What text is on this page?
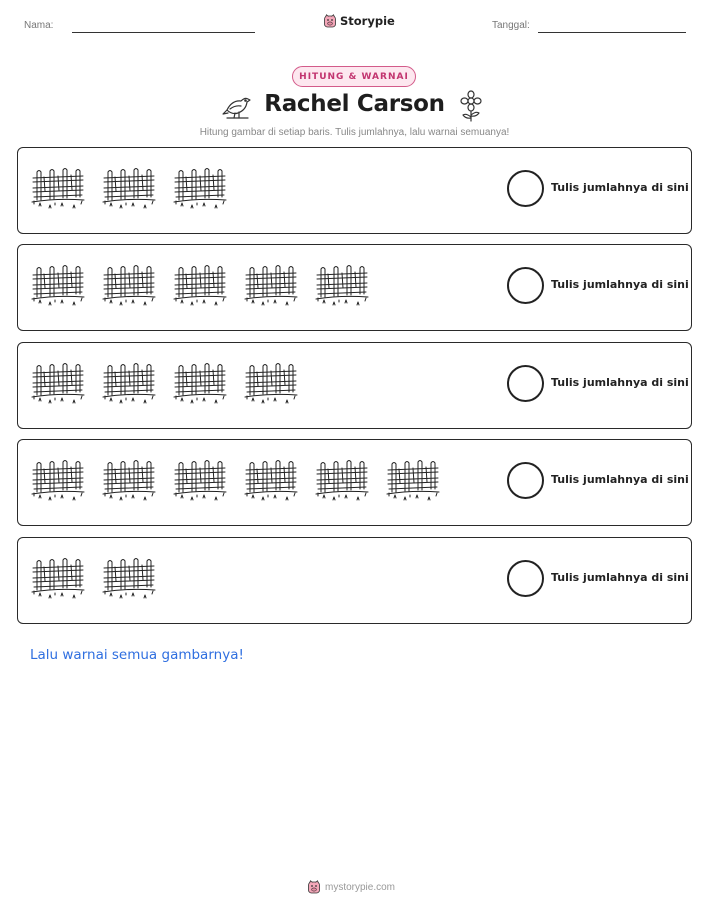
Nama:	Storypie	Tanggal:
HITUNG & WARNAI
Rachel Carson
Hitung gambar di setiap baris. Tulis jumlahnya, lalu warnai semuanya!
Tulis jumlahnya di sini
Tulis jumlahnya di sini
Tulis jumlahnya di sini
Tulis jumlahnya di sini
Tulis jumlahnya di sini
Lalu warnai semua gambarnya!
mystorypie.com
